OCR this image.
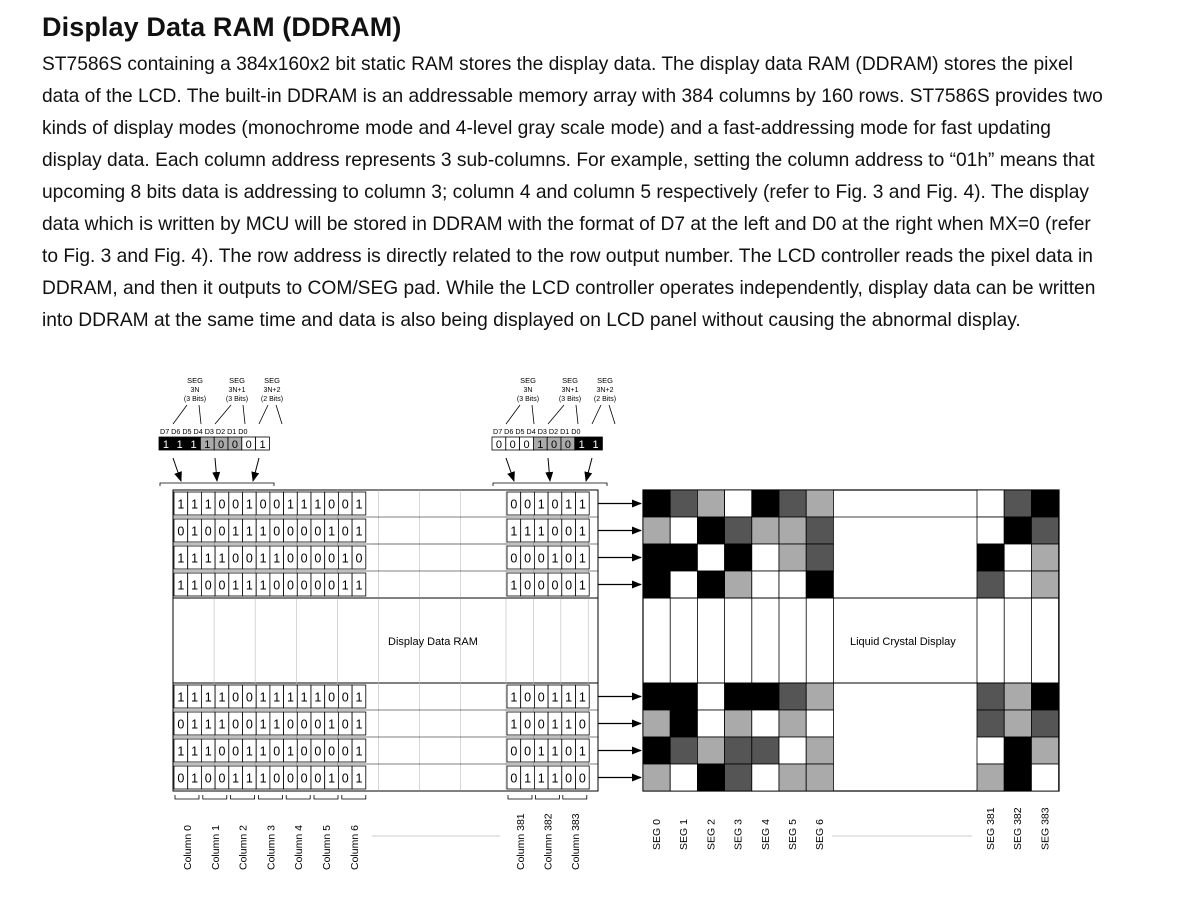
Display Data RAM (DDRAM)
ST7586S containing a 384x160x2 bit static RAM stores the display data. The display data RAM (DDRAM) stores the pixel
data of the LCD. The built-in DDRAM is an addressable memory array with 384 columns by 160 rows. ST7586S provides two
kinds of display modes (monochrome mode and 4-level gray scale mode) and a fast-addressing mode for fast updating
display data. Each column address represents 3 sub-columns. For example, setting the column address to “01h” means that
upcoming 8 bits data is addressing to column 3; column 4 and column 5 respectively (refer to Fig. 3 and Fig. 4). The display
data which is written by MCU will be stored in DDRAM with the format of D7 at the left and D0 at the right when MX=0 (refer
to Fig. 3 and Fig. 4). The row address is directly related to the row output number. The LCD controller reads the pixel data in
DDRAM, and then it outputs to COM/SEG pad. While the LCD controller operates independently, display data can be written
into DDRAM at the same time and data is also being displayed on LCD panel without causing the abnormal display.
1 1 1 0 0 1 0 0 1 1 1 0 0 1	0 0 1 0 1 1
0 1 0 0 1 1 1 0 0 0 0 1 0 1	1 1 1 0 0 1
1 1 1 1 0 0 1 1 0 0 0 0 1 0	0 0 0 1 0 1
1 1 0 0 1 1 1 0 0 0 0 0 1 1	1 0 0 0 0 1
1 1 1 1 0 0 1 1 1 1 1 0 0 1	1 0 0 1 1 1
0 1 1 1 0 0 1 1 0 0 0 1 0 1	1 0 0 1 1 0
1 1 1 0 0 1 1 0 1 0 0 0 0 1	0 0 1 1 0 1
0 1 0 0 1 1 1 0 0 0 0 1 0 1	0 1 1 1 0 0
SEG
3N
(3 Bits)
SEG
3N+1
(3 Bits)
SEG
3N+2
(2 Bits)
D7 D6 D5 D4 D3 D2 D1 D0
1 1 1 1 0 0 0 1
SEG
3N
(3 Bits)
SEG
3N+1
(3 Bits)
SEG
3N+2
(2 Bits)
D7 D6 D5 D4 D3 D2 D1 D0
0 0 0 1 0 0 1 1
Column 0 Column 1 Column 2 Column 3 Column 4 Column 5 Column 6	Column 381 Column 382 Column 383	SEG 0 SEG 1 SEG 2 SEG 3 SEG 4 SEG 5 SEG 6	SEG 381 SEG 382 SEG 383
Display Data RAM	Liquid Crystal Display
